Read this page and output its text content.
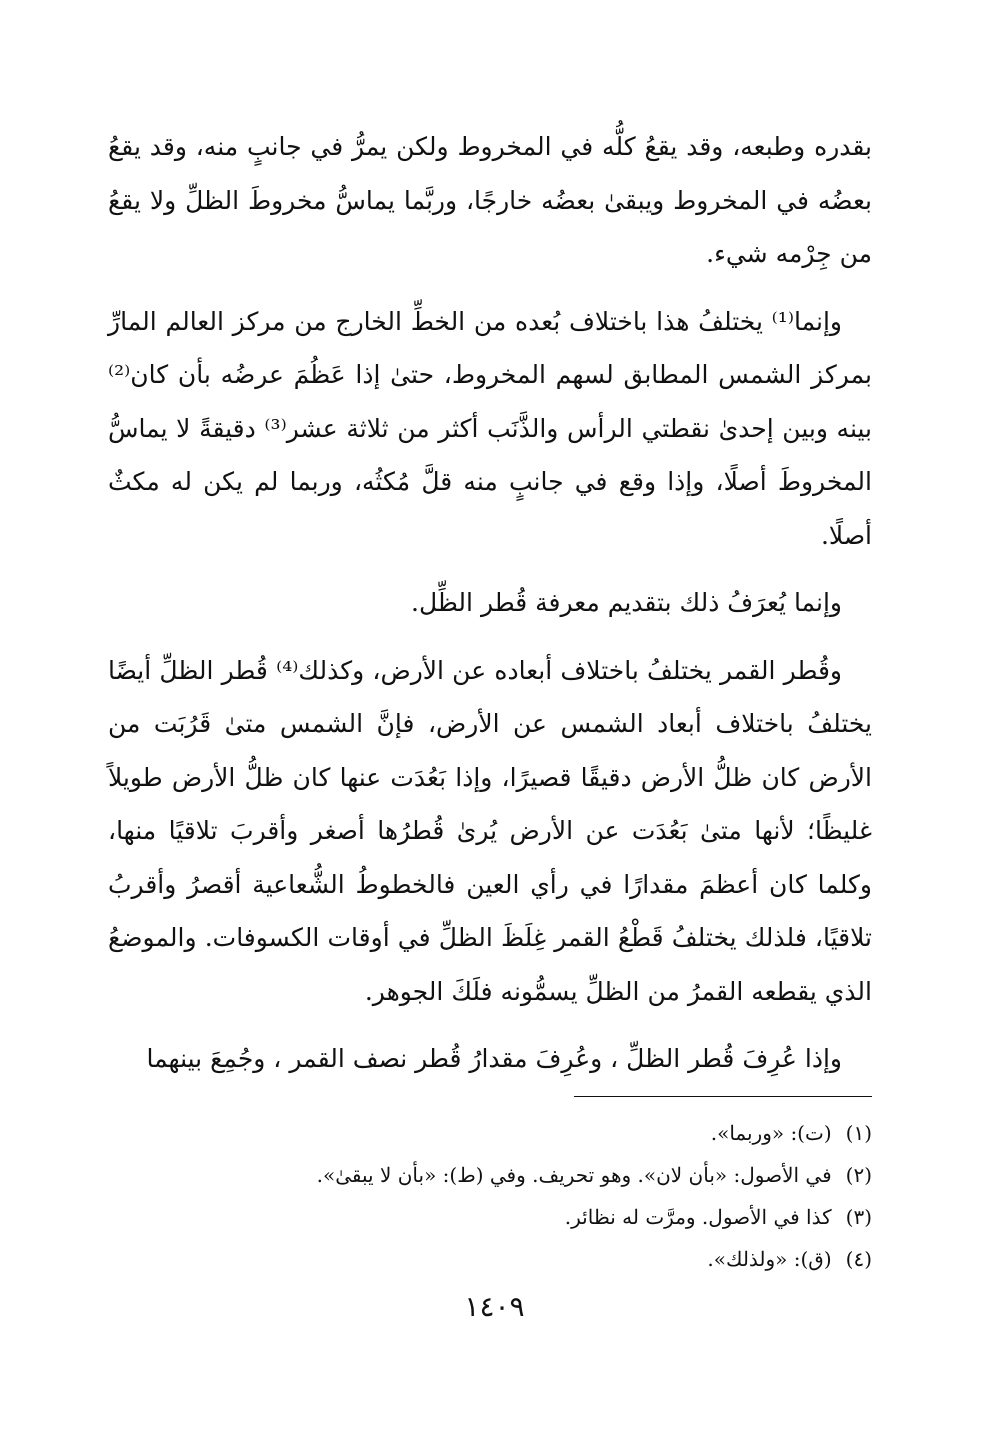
بقدره وطبعه، وقد يقعُ كلُّه في المخروط ولكن يمرُّ في جانبٍ منه، وقد يقعُ بعضُه في المخروط ويبقىٰ بعضُه خارجًا، وربَّما يماسُّ مخروطَ الظلِّ ولا يقعُ من جِرْمه شيء.

وإنما⁽¹⁾ يختلفُ هذا باختلاف بُعده من الخطِّ الخارج من مركز العالم المارِّ بمركز الشمس المطابق لسهم المخروط، حتىٰ إذا عَظُمَ عرضُه بأن كان⁽²⁾ بينه وبين إحدىٰ نقطتي الرأس والذَّنَب أكثر من ثلاثة عشر⁽³⁾ دقيقةً لا يماسُّ المخروطَ أصلًا، وإذا وقع في جانبٍ منه قلَّ مُكثُه، وربما لم يكن له مكثٌ أصلًا.

وإنما يُعرَفُ ذلك بتقديم معرفة قُطر الظِّل.

وقُطر القمر يختلفُ باختلاف أبعاده عن الأرض، وكذلك⁽⁴⁾ قُطر الظلِّ أيضًا يختلفُ باختلاف أبعاد الشمس عن الأرض، فإنَّ الشمس متىٰ قَرُبَت من الأرض كان ظلُّ الأرض دقيقًا قصيرًا، وإذا بَعُدَت عنها كان ظلُّ الأرض طويلاً غليظًا؛ لأنها متىٰ بَعُدَت عن الأرض يُرىٰ قُطرُها أصغر وأقربَ تلاقيًا منها، وكلما كان أعظمَ مقدارًا في رأي العين فالخطوطُ الشُّعاعية أقصرُ وأقربُ تلاقيًا، فلذلك يختلفُ قَطْعُ القمر غِلَظَ الظلِّ في أوقات الكسوفات. والموضعُ الذي يقطعه القمرُ من الظلِّ يسمُّونه فلَكَ الجوهر.

وإذا عُرِفَ قُطر الظلِّ ، وعُرِفَ مقدارُ قُطر نصف القمر ، وجُمِعَ بينهما

(١)(ت): «وربما».
(٢)في الأصول: «بأن لان». وهو تحريف. وفي (ط): «بأن لا يبقىٰ».
(٣)كذا في الأصول. ومرَّت له نظائر.
(٤)(ق): «ولذلك».
١٤٠٩
